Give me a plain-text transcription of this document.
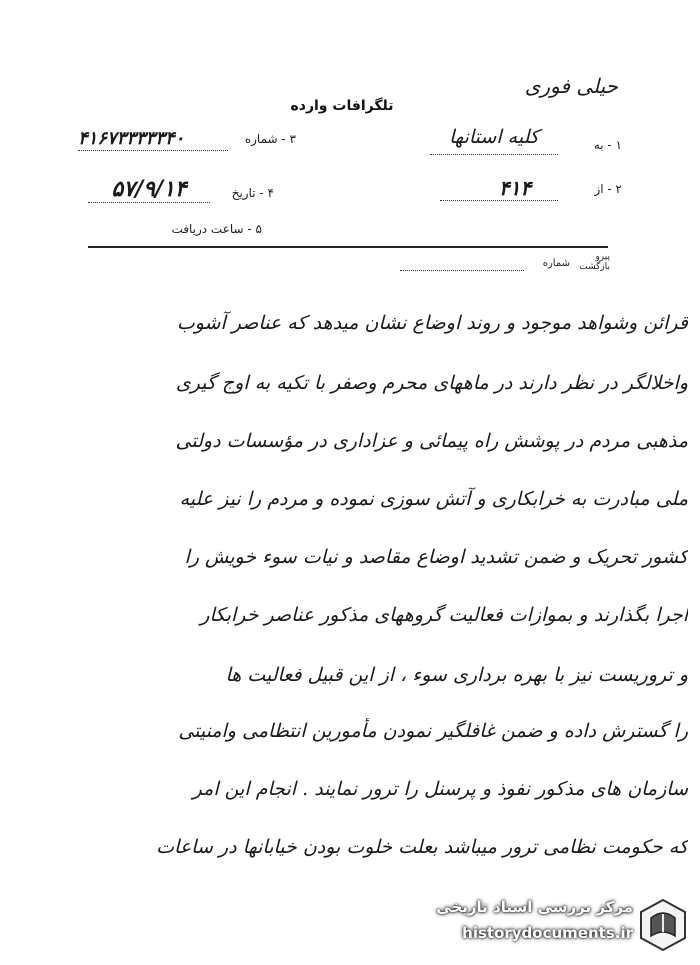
حیلی فوری
تلگرافات وارده
۱ - به
کلیه استانها
۳ - شماره
۴۱۶۷۳۳۳۳۳۴۰
۲ - از
۴۱۴
۴ - تاریخ
۵۷/۹/۱۴
۵ - ساعت دریافت
پیرو
بازگشت
شماره
قرائن وشواهد موجود و روند اوضاع نشان میدهد که عناصر آشوب
واخلالگر در نظر دارند در ماههای محرم وصفر با تکیه به اوج گیری
مذهبی مردم در پوشش راه پیمائی و عزاداری در مؤسسات دولتی
ملی مبادرت به خرابکاری و آتش سوزی نموده و مردم را نیز علیه
کشور تحریک و ضمن تشدید اوضاع مقاصد و نیات سوء خویش را
اجرا بگذارند و بموازات فعالیت گروههای مذکور عناصر خرابکار
و تروریست نیز با بهره برداری سوء ، از این قبیل فعالیت ها
را گسترش داده و ضمن غافلگیر نمودن مأمورین انتظامی وامنیتی
سازمان های مذکور نفوذ و پرسنل را ترور نمایند . انجام این امر
که حکومت نظامی ترور میباشد بعلت خلوت بودن خیابانها در ساعات
مرکز بررسی اسناد تاریخی
historydocuments.ir
